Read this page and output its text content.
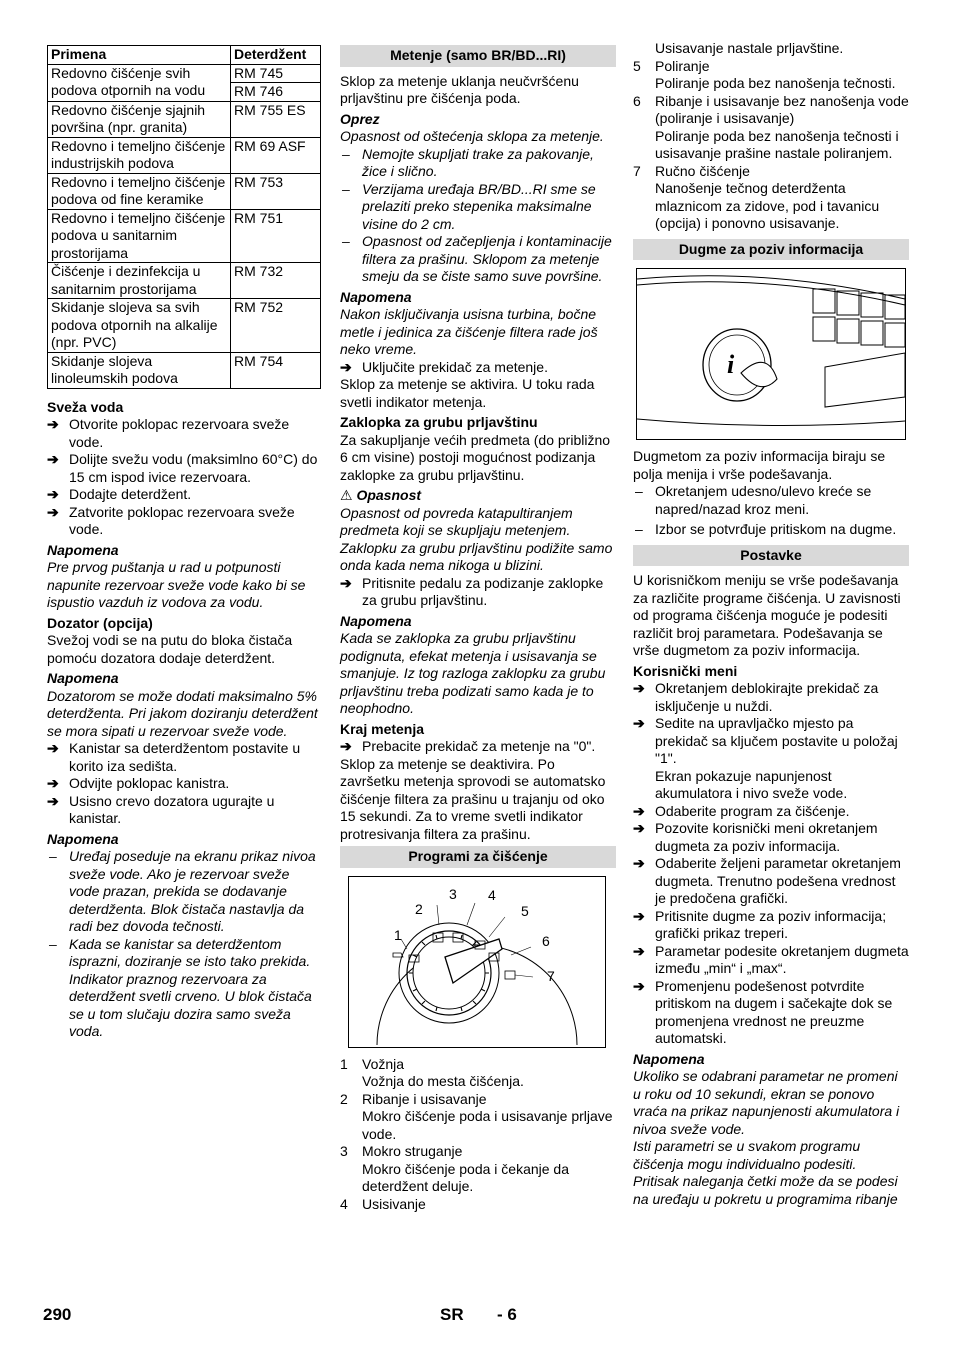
Primena	Deterdžent
Redovno čišćenje svih podova otpornih na vodu	RM 745
	RM 746
Redovno čišćenje sjajnih površina (npr. granita)	RM 755 ES
Redovno i temeljno čišćenje industrijskih podova	RM 69 ASF
Redovno i temeljno čišćenje podova od fine keramike	RM 753
Redovno i temeljno čišćenje podova u sanitarnim prostorijama	RM 751
Čišćenje i dezinfekcija u sanitarnim prostorijama	RM 732
Skidanje slojeva sa svih podova otpornih na alkalije (npr. PVC)	RM 752
Skidanje slojeva linoleumskih podova	RM 754

Sveža voda

➔ Otvorite poklopac rezervoara sveže vode.

➔ Dolijte svežu vodu (maksimlno 60°C) do 15 cm ispod ivice rezervoara.

➔ Dodajte deterdžent.

➔ Zatvorite poklopac rezervoara sveže vode.

Napomena

Pre prvog puštanja u rad u potpunosti napunite rezervoar sveže vode kako bi se ispustio vazduh iz vodova za vodu.

Dozator (opcija)

Svežoj vodi se na putu do bloka čistača pomoću dozatora dodaje deterdžent.

Napomena

Dozatorom se može dodati maksimalno 5% deterdženta. Pri jakom doziranju deterdžent se mora sipati u rezervoar sveže vode.

➔ Kanistar sa deterdžentom postavite u korito iza sedišta.

➔ Odvijte poklopac kanistra.

➔ Usisno crevo dozatora ugurajte u kanistar.

Napomena

– Uređaj poseduje na ekranu prikaz nivoa sveže vode. Ako je rezervoar sveže vode prazan, prekida se dodavanje deterdženta. Blok čistača nastavlja da radi bez dovoda tečnosti.

– Kada se kanistar sa deterdžentom isprazni, doziranje se isto tako prekida. Indikator praznog rezervoara za deterdžent svetli crveno. U blok čistača se u tom slučaju dozira samo sveža voda.

Metenje (samo BR/BD...RI)

Sklop za metenje uklanja neučvršćenu prljavštinu pre čišćenja poda.

Oprez

Opasnost od oštećenja sklopa za metenje.

– Nemojte skupljati trake za pakovanje, žice i slično.

– Verzijama uređaja BR/BD...RI sme se prelaziti preko stepenika maksimalne visine do 2 cm.

– Opasnost od začepljenja i kontaminacije filtera za prašinu. Sklopom za metenje smeju da se čiste samo suve površine.

Napomena

Nakon isključivanja usisna turbina, bočne metle i jedinica za čišćenje filtera rade još neko vreme.

➔ Uključite prekidač za metenje.

Sklop za metenje se aktivira. U toku rada svetli indikator metenja.

Zaklopka za grubu prljavštinu

Za sakupljanje većih predmeta (do približno 6 cm visine) postoji mogućnost podizanja zaklopke za grubu prljavštinu.

⚠ Opasnost

Opasnost od povreda katapultiranjem predmeta koji se skupljaju metenjem. Zaklopku za grubu prljavštinu podižite samo onda kada nema nikoga u blizini.

➔ Pritisnite pedalu za podizanje zaklopke za grubu prljavštinu.

Napomena

Kada se zaklopka za grubu prljavštinu podignuta, efekat metenja i usisavanja se smanjuje. Iz tog razloga zaklopku za grubu prljavštinu treba podizati samo kada je to neophodno.

Kraj metenja

➔ Prebacite prekidač za metenje na "0".

Sklop za metenje se deaktivira. Po završetku metenja sprovodi se automatsko čišćenje filtera za prašinu u trajanju od oko 15 sekundi. Za to vreme svetli indikator protresivanja filtera za prašinu.

Programi za čišćenje

1
2
3 4
5
6
7
1 Vožnja

Vožnja do mesta čišćenja.

2 Ribanje i usisavanje

Mokro čišćenje poda i usisavanje prljave vode.

3 Mokro struganje

Mokro čišćenje poda i čekanje da deterdžent deluje.

4 Usisivanje

Usisavanje nastale prljavštine.

5 Poliranje

Poliranje poda bez nanošenja tečnosti.

6 Ribanje i usisavanje bez nanošenja vode (poliranje i usisavanje)

Poliranje poda bez nanošenja tečnosti i usisavanje prašine nastale poliranjem.

7 Ručno čišćenje

Nanošenje tečnog deterdženta mlaznicom za zidove, pod i tavanicu (opcija) i ponovno usisavanje.

Dugme za poziv informacija

i

Dugmetom za poziv informacija biraju se polja menija i vrše podešavanja.

– Okretanjem udesno/ulevo kreće se napred/nazad kroz meni.

– Izbor se potvrđuje pritiskom na dugme.

Postavke

U korisničkom meniju se vrše podešavanja za različite programe čišćenja. U zavisnosti od programa čišćenja moguće je podesiti različit broj parametara. Podešavanja se vrše dugmetom za poziv informacija.

Korisnički meni

➔ Okretanjem deblokirajte prekidač za isključenje u nuždi.

➔ Sedite na upravljačko mjesto pa prekidač sa ključem postavite u položaj "1".

Ekran pokazuje napunjenost akumulatora i nivo sveže vode.

➔ Odaberite program za čišćenje.

➔ Pozovite korisnički meni okretanjem dugmeta za poziv informacija.

➔ Odaberite željeni parametar okretanjem dugmeta. Trenutno podešena vrednost je predočena grafički.

➔ Pritisnite dugme za poziv informacija; grafički prikaz treperi.

➔ Parametar podesite okretanjem dugmeta između „min“ i „max“.

➔ Promenjenu podešenost potvrdite pritiskom na dugem i sačekajte dok se promenjena vrednost ne preuzme automatski.

Napomena

Ukoliko se odabrani parametar ne promeni u roku od 10 sekundi, ekran se ponovo vraća na prikaz napunjenosti akumulatora i nivoa sveže vode.

Isti parametri se u svakom programu čišćenja mogu individualno podesiti.

Pritisak naleganja četki može da se podesi na uređaju u pokretu u programima ribanje

290	SR - 6
